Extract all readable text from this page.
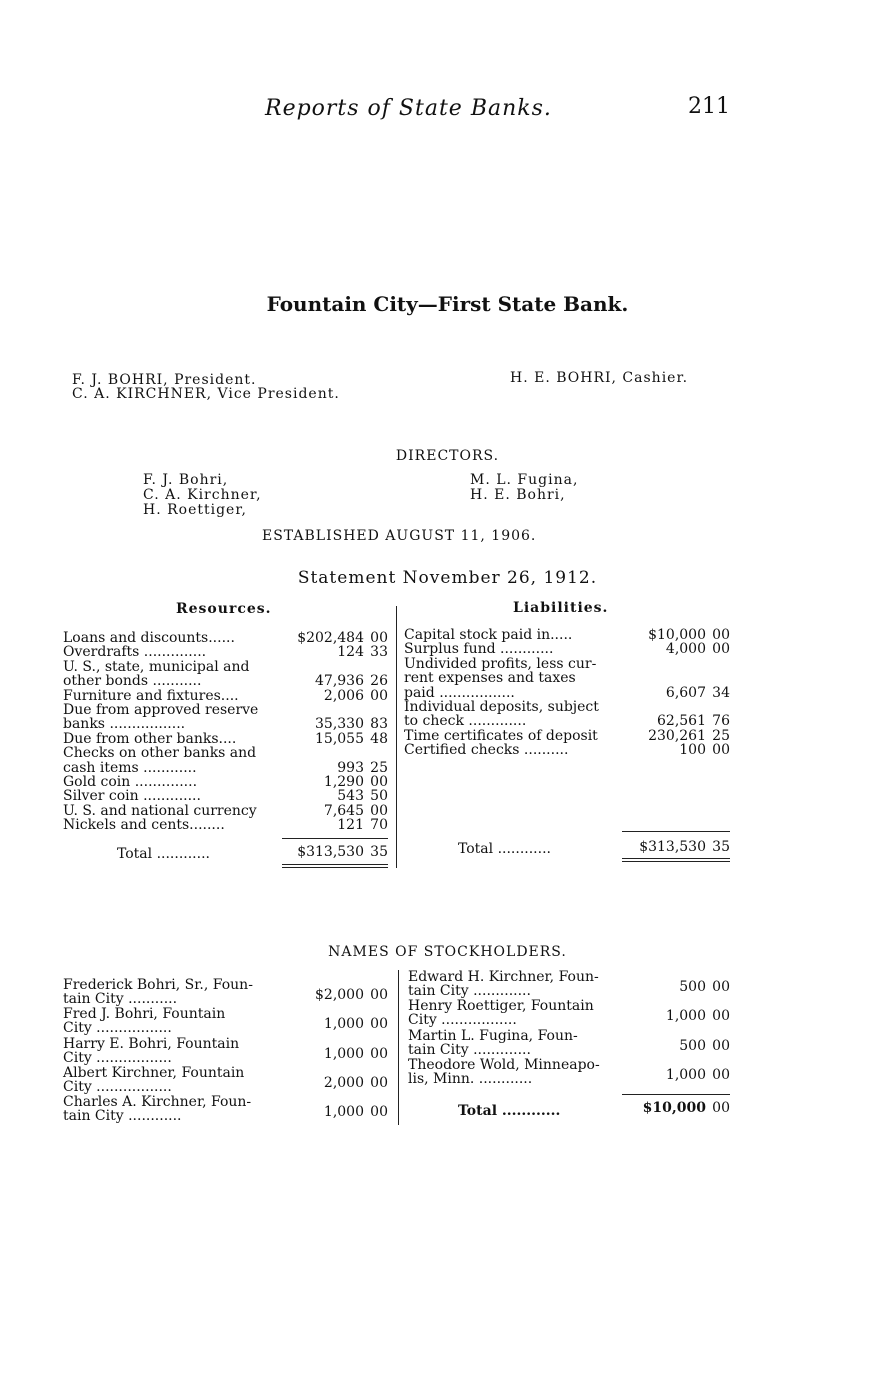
Reports of State Banks.	211
Fountain City—First State Bank.
F. J. BOHRI, President.
C. A. KIRCHNER, Vice President.
H. E. BOHRI, Cashier.
DIRECTORS.
F. J. Bohri,
C. A. Kirchner,
H. Roettiger,
M. L. Fugina,
H. E. Bohri,
ESTABLISHED AUGUST 11, 1906.
Statement November 26, 1912.
Resources.	Liabilities.
Loans and discounts......	$202,484 00
Overdrafts ..............	124 33
U. S., state, municipal and
other bonds ...........	47,936 26
Furniture and fixtures....	2,006 00
Due from approved reserve
banks .................	35,330 83
Due from other banks....	15,055 48
Checks on other banks and
cash items ............	993 25
Gold coin ..............	1,290 00
Silver coin .............	543 50
U. S. and national currency	7,645 00
Nickels and cents........	121 70
Capital stock paid in.....	$10,000 00
Surplus fund ............	4,000 00
Undivided profits, less cur-
rent expenses and taxes
paid .................	6,607 34
Individual deposits, subject
to check .............	62,561 76
Time certificates of deposit	230,261 25
Certified checks ..........	100 00
Total ............	$313,530 35	Total ............	$313,530 35
NAMES OF STOCKHOLDERS.
Frederick Bohri, Sr., Foun-
tain City ...........	$2,000 00
Fred J. Bohri, Fountain
City .................	1,000 00
Harry E. Bohri, Fountain
City .................	1,000 00
Albert Kirchner, Fountain
City .................	2,000 00
Charles A. Kirchner, Foun-
tain City ............	1,000 00
Edward H. Kirchner, Foun-
tain City .............	500 00
Henry Roettiger, Fountain
City .................	1,000 00
Martin L. Fugina, Foun-
tain City .............	500 00
Theodore Wold, Minneapo-
lis, Minn. ............	1,000 00
Total ............	$10,000 00
